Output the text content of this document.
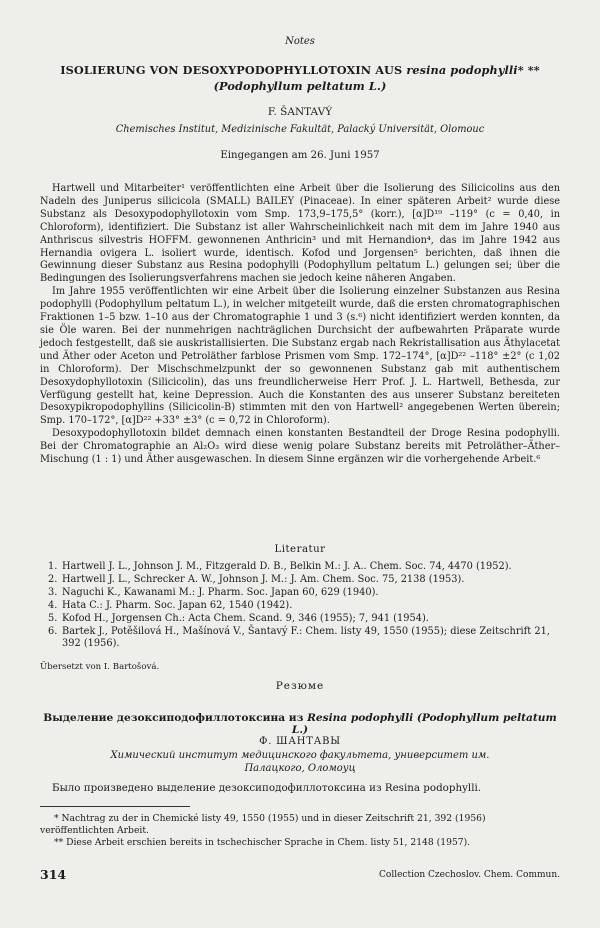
Notes
ISOLIERUNG VON DESOXYPODOPHYLLOTOXIN AUS resina podophylli* **
(Podophyllum peltatum L.)
F. ŠANTAVÝ
Chemisches Institut, Medizinische Fakultät, Palacký Universität, Olomouc
Eingegangen am 26. Juni 1957

Hartwell und Mitarbeiter¹ veröffentlichten eine Arbeit über die Isolierung des Silicicolins aus den Nadeln des Juniperus silicicola (SMALL) BAILEY (Pinaceae). In einer späteren Arbeit² wurde diese Substanz als Desoxypodophyllotoxin vom Smp. 173,9–175,5° (korr.), [α]D¹⁹ –119° (c = 0,40, in Chloroform), identifiziert. Die Substanz ist aller Wahrscheinlichkeit nach mit dem im Jahre 1940 aus Anthriscus silvestris HOFFM. gewonnenen Anthricin³ und mit Hernandion⁴, das im Jahre 1942 aus Hernandia ovigera L. isoliert wurde, identisch. Kofod und Jorgensen⁵ berichten, daß ihnen die Gewinnung dieser Substanz aus Resina podophylli (Podophyllum peltatum L.) gelungen sei; über die Bedingungen des Isolierungsverfahrens machen sie jedoch keine näheren Angaben.

Im Jahre 1955 veröffentlichten wir eine Arbeit über die Isolierung einzelner Substanzen aus Resina podophylli (Podophyllum peltatum L.), in welcher mitgeteilt wurde, daß die ersten chromatographischen Fraktionen 1–5 bzw. 1–10 aus der Chromatographie 1 und 3 (s.⁶) nicht identifiziert werden konnten, da sie Öle waren. Bei der nunmehrigen nachträglichen Durchsicht der aufbewahrten Präparate wurde jedoch festgestellt, daß sie auskristallisierten. Die Substanz ergab nach Rekristallisation aus Äthylacetat und Äther oder Aceton und Petroläther farblose Prismen vom Smp. 172–174°, [α]D²² –118° ±2° (c 1,02 in Chloroform). Der Mischschmelzpunkt der so gewonnenen Substanz gab mit authentischem Desoxydophyllotoxin (Silicicolin), das uns freundlicherweise Herr Prof. J. L. Hartwell, Bethesda, zur Verfügung gestellt hat, keine Depression. Auch die Konstanten des aus unserer Substanz bereiteten Desoxypikropodophyllins (Silicicolin-B) stimmten mit den von Hartwell² angegebenen Werten überein; Smp. 170–172°, [α]D²² +33° ±3° (c = 0,72 in Chloroform).

Desoxypodophyllotoxin bildet demnach einen konstanten Bestandteil der Droge Resina podophylli. Bei der Chromatographie an Al₂O₃ wird diese wenig polare Substanz bereits mit Petroläther–Äther–Mischung (1 : 1) und Äther ausgewaschen. In diesem Sinne ergänzen wir die vorhergehende Arbeit.⁶

Literatur
1. Hartwell J. L., Johnson J. M., Fitzgerald D. B., Belkin M.: J. A.. Chem. Soc. 74, 4470 (1952).
2. Hartwell J. L., Schrecker A. W., Johnson J. M.: J. Am. Chem. Soc. 75, 2138 (1953).
3. Naguchi K., Kawanami M.: J. Pharm. Soc. Japan 60, 629 (1940).
4. Hata C.: J. Pharm. Soc. Japan 62, 1540 (1942).
5. Kofod H., Jorgensen Ch.: Acta Chem. Scand. 9, 346 (1955); 7, 941 (1954).
6. Bartek J., Potěšilová H., Mašínová V., Šantavý F.: Chem. listy 49, 1550 (1955); diese Zeitschrift 21, 392 (1956).
Übersetzt von I. Bartošová.
Резюме
Выделение дезоксиподофиллотоксина из Resina podophylli (Podophyllum peltatum L.)
Ф. ШАНТАВЫ
Химический институт медицинского факультета, университет им. Палацкого, Оломоуц
Было произведено выделение дезоксиподофиллотоксина из Resina podophylli.

* Nachtrag zu der in Chemické listy 49, 1550 (1955) und in dieser Zeitschrift 21, 392 (1956) veröffentlichten Arbeit.

** Diese Arbeit erschien bereits in tschechischer Sprache in Chem. listy 51, 2148 (1957).

314	Collection Czechoslov. Chem. Commun.
